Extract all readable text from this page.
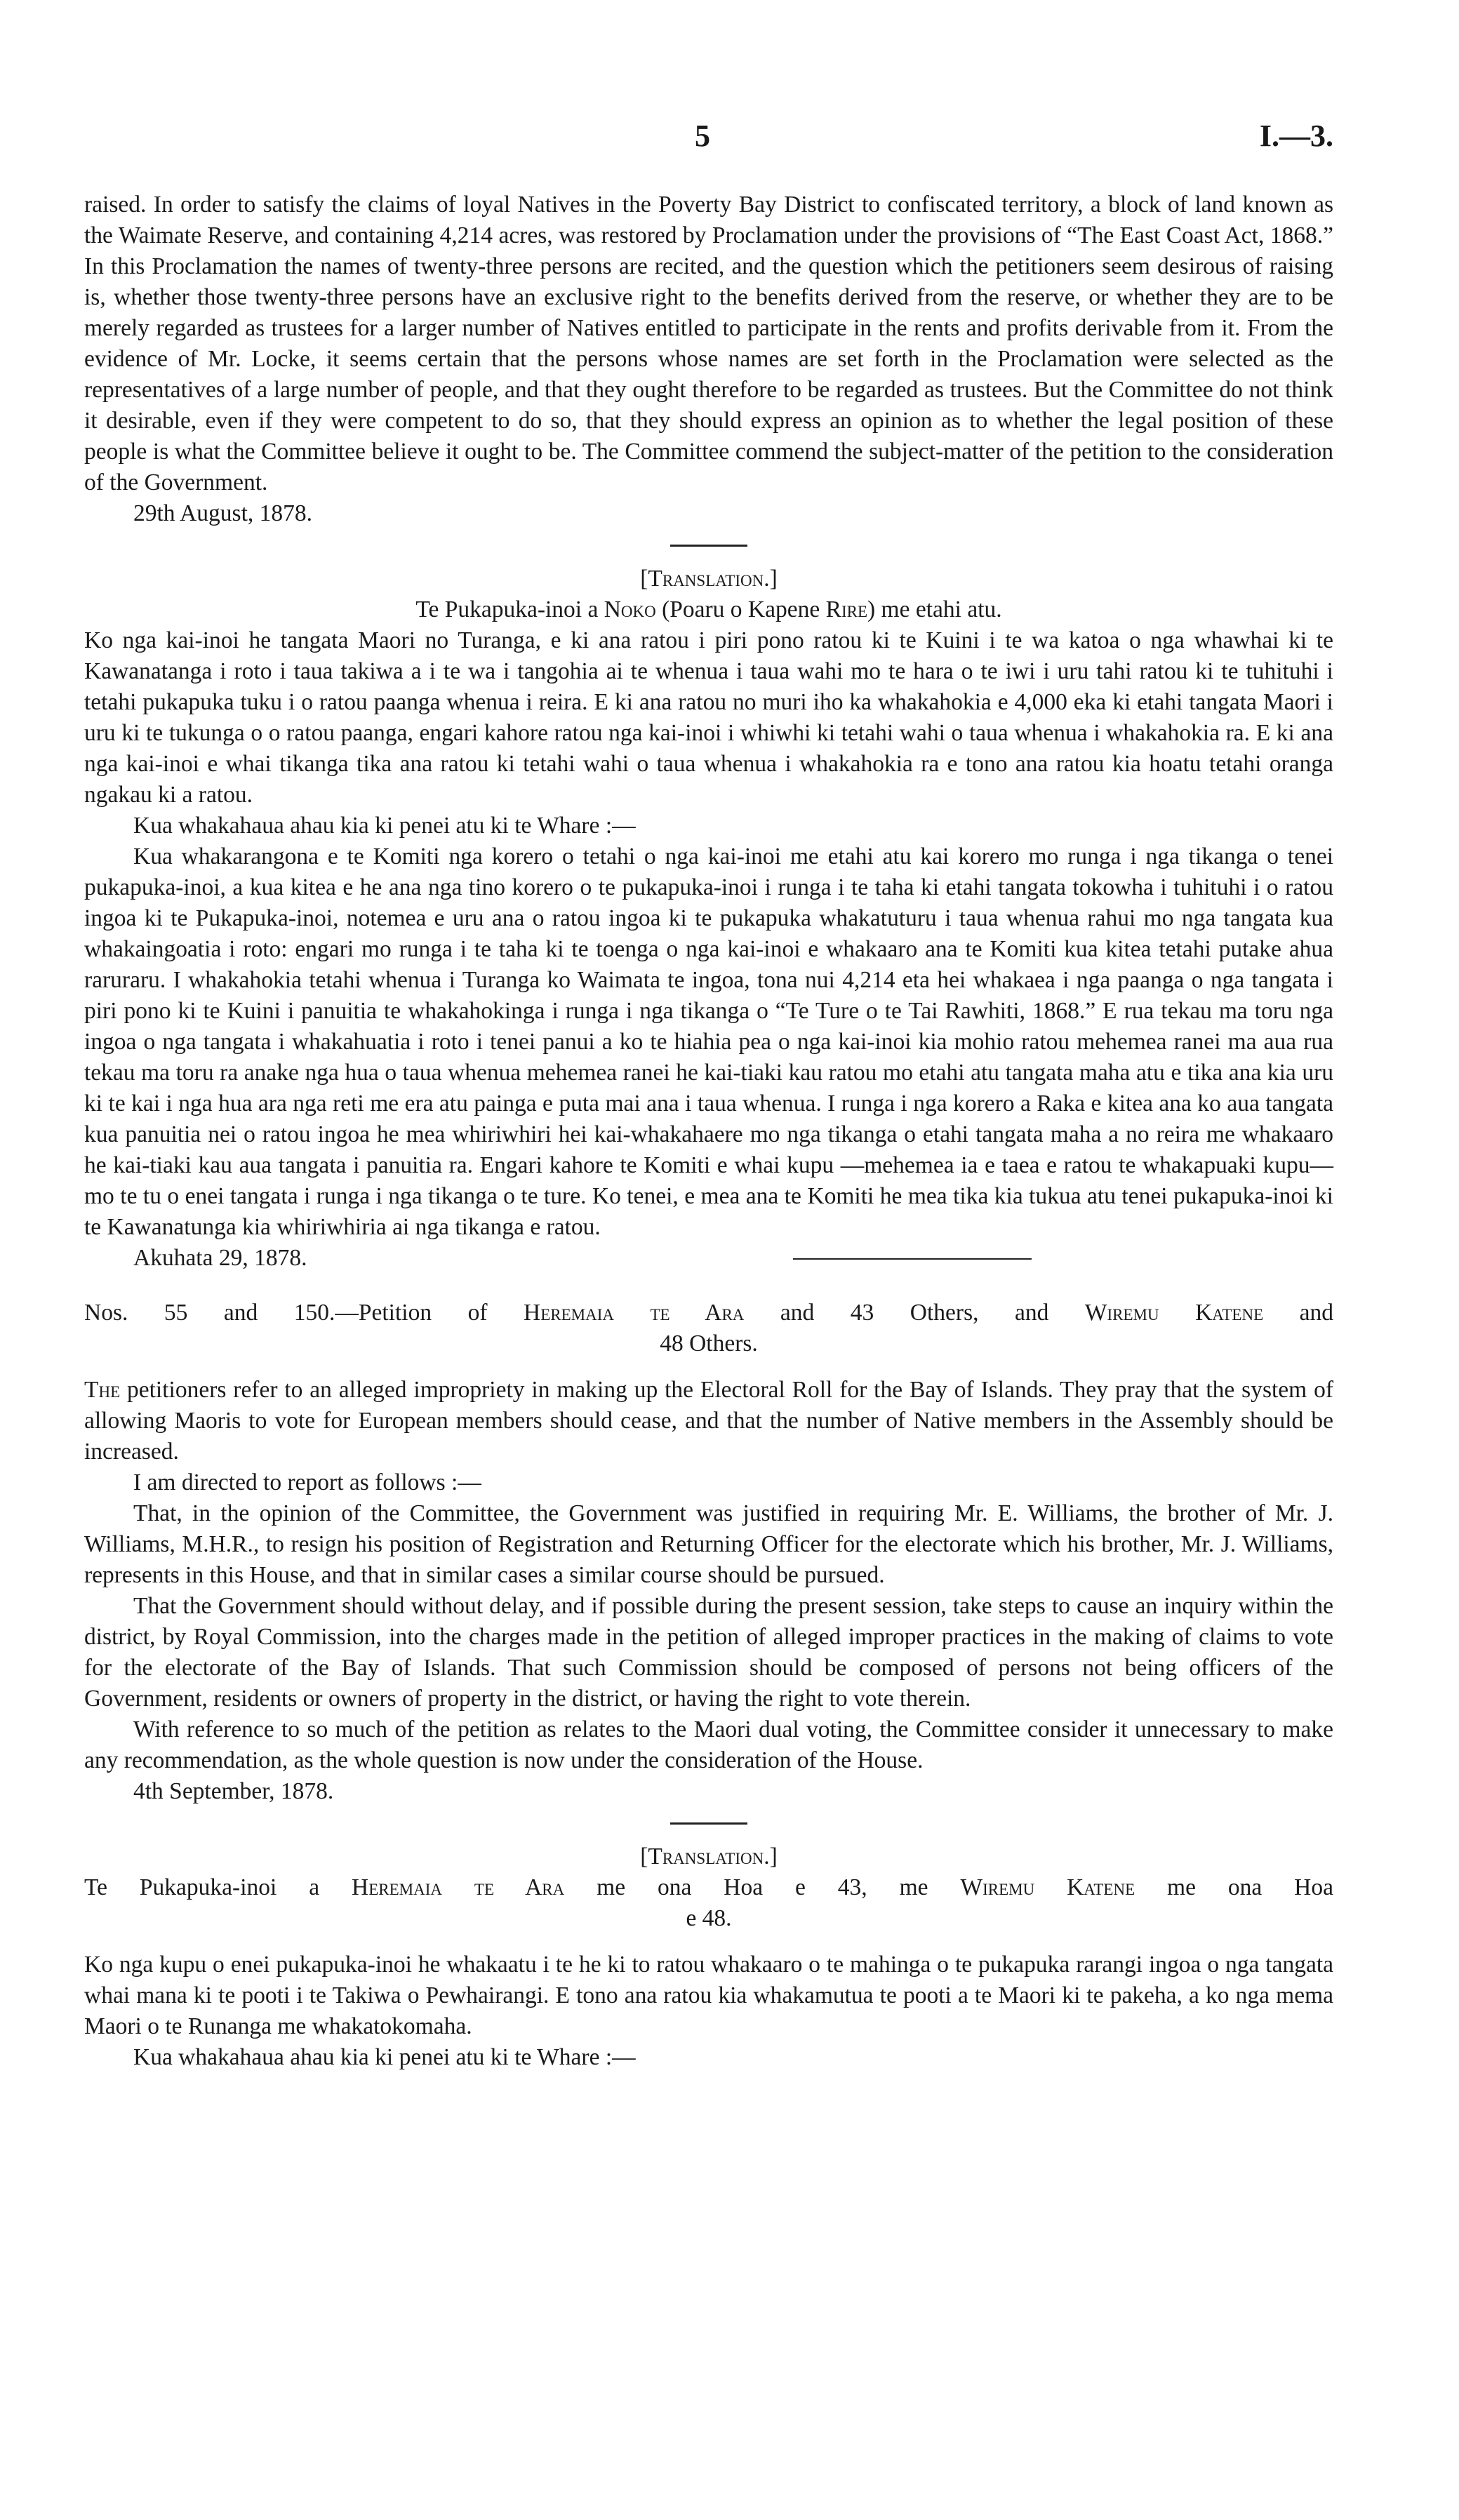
5	I.—3.

raised. In order to satisfy the claims of loyal Natives in the Poverty Bay District to confiscated territory, a block of land known as the Waimate Reserve, and containing 4,214 acres, was restored by Proclamation under the provisions of “The East Coast Act, 1868.” In this Proclamation the names of twenty-three persons are recited, and the question which the petitioners seem desirous of raising is, whether those twenty-three persons have an exclusive right to the benefits derived from the reserve, or whether they are to be merely regarded as trustees for a larger number of Natives entitled to participate in the rents and profits derivable from it. From the evidence of Mr. Locke, it seems certain that the persons whose names are set forth in the Proclamation were selected as the representatives of a large number of people, and that they ought therefore to be regarded as trustees. But the Committee do not think it desirable, even if they were competent to do so, that they should express an opinion as to whether the legal position of these people is what the Committee believe it ought to be. The Committee commend the subject-matter of the petition to the consideration of the Government.

29th August, 1878.

[Translation.]

Te Pukapuka-inoi a Noko (Poaru o Kapene Rire) me etahi atu.

Ko nga kai-inoi he tangata Maori no Turanga, e ki ana ratou i piri pono ratou ki te Kuini i te wa katoa o nga whawhai ki te Kawanatanga i roto i taua takiwa a i te wa i tangohia ai te whenua i taua wahi mo te hara o te iwi i uru tahi ratou ki te tuhituhi i tetahi pukapuka tuku i o ratou paanga whenua i reira. E ki ana ratou no muri iho ka whakahokia e 4,000 eka ki etahi tangata Maori i uru ki te tukunga o o ratou paanga, engari kahore ratou nga kai-inoi i whiwhi ki tetahi wahi o taua whenua i whakahokia ra. E ki ana nga kai-inoi e whai tikanga tika ana ratou ki tetahi wahi o taua whenua i whakahokia ra e tono ana ratou kia hoatu tetahi oranga ngakau ki a ratou.

Kua whakahaua ahau kia ki penei atu ki te Whare :—

Kua whakarangona e te Komiti nga korero o tetahi o nga kai-inoi me etahi atu kai korero mo runga i nga tikanga o tenei pukapuka-inoi, a kua kitea e he ana nga tino korero o te pukapuka-inoi i runga i te taha ki etahi tangata tokowha i tuhituhi i o ratou ingoa ki te Pukapuka-inoi, notemea e uru ana o ratou ingoa ki te pukapuka whakatuturu i taua whenua rahui mo nga tangata kua whakaingoatia i roto: engari mo runga i te taha ki te toenga o nga kai-inoi e whakaaro ana te Komiti kua kitea tetahi putake ahua raruraru. I whakahokia tetahi whenua i Turanga ko Waimata te ingoa, tona nui 4,214 eta hei whakaea i nga paanga o nga tangata i piri pono ki te Kuini i panuitia te whakahokinga i runga i nga tikanga o “Te Ture o te Tai Rawhiti, 1868.” E rua tekau ma toru nga ingoa o nga tangata i whakahuatia i roto i tenei panui a ko te hiahia pea o nga kai-inoi kia mohio ratou mehemea ranei ma aua rua tekau ma toru ra anake nga hua o taua whenua mehemea ranei he kai-tiaki kau ratou mo etahi atu tangata maha atu e tika ana kia uru ki te kai i nga hua ara nga reti me era atu painga e puta mai ana i taua whenua. I runga i nga korero a Raka e kitea ana ko aua tangata kua panuitia nei o ratou ingoa he mea whiriwhiri hei kai-whakahaere mo nga tikanga o etahi tangata maha a no reira me whakaaro he kai-tiaki kau aua tangata i panuitia ra. Engari kahore te Komiti e whai kupu —mehemea ia e taea e ratou te whakapuaki kupu—mo te tu o enei tangata i runga i nga tikanga o te ture. Ko tenei, e mea ana te Komiti he mea tika kia tukua atu tenei pukapuka-inoi ki te Kawanatunga kia whiriwhiria ai nga tikanga e ratou.

Akuhata 29, 1878.

Nos. 55 and 150.—Petition of Heremaia te Ara and 43 Others, and Wiremu Katene and

48 Others.

The petitioners refer to an alleged impropriety in making up the Electoral Roll for the Bay of Islands. They pray that the system of allowing Maoris to vote for European members should cease, and that the number of Native members in the Assembly should be increased.

I am directed to report as follows :—

That, in the opinion of the Committee, the Government was justified in requiring Mr. E. Williams, the brother of Mr. J. Williams, M.H.R., to resign his position of Registration and Returning Officer for the electorate which his brother, Mr. J. Williams, represents in this House, and that in similar cases a similar course should be pursued.

That the Government should without delay, and if possible during the present session, take steps to cause an inquiry within the district, by Royal Commission, into the charges made in the petition of alleged improper practices in the making of claims to vote for the electorate of the Bay of Islands. That such Commission should be composed of persons not being officers of the Government, residents or owners of property in the district, or having the right to vote therein.

With reference to so much of the petition as relates to the Maori dual voting, the Committee consider it unnecessary to make any recommendation, as the whole question is now under the consideration of the House.

4th September, 1878.

[Translation.]

Te Pukapuka-inoi a Heremaia te Ara me ona Hoa e 43, me Wiremu Katene me ona Hoa

e 48.

Ko nga kupu o enei pukapuka-inoi he whakaatu i te he ki to ratou whakaaro o te mahinga o te pukapuka rarangi ingoa o nga tangata whai mana ki te pooti i te Takiwa o Pewhairangi. E tono ana ratou kia whakamutua te pooti a te Maori ki te pakeha, a ko nga mema Maori o te Runanga me whakatokomaha.

Kua whakahaua ahau kia ki penei atu ki te Whare :—
